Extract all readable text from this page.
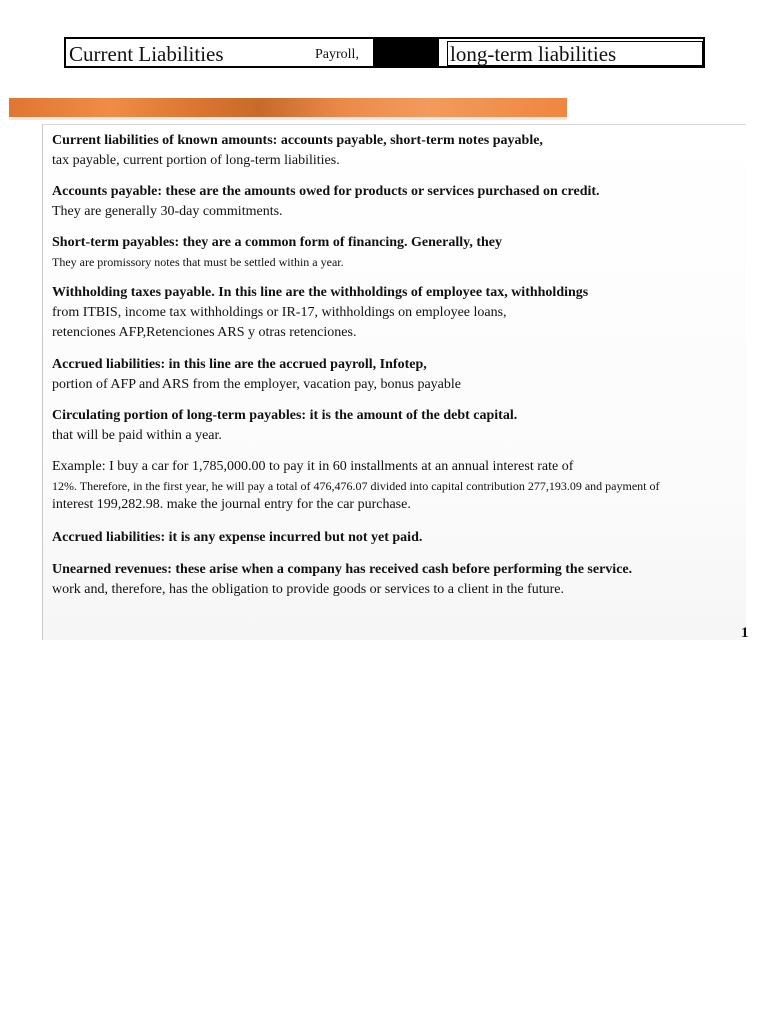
Current Liabilities	Payroll,	long-term liabilities
Current liabilities of known amounts: accounts payable, short-term notes payable,
tax payable, current portion of long-term liabilities.
Accounts payable: these are the amounts owed for products or services purchased on credit.
They are generally 30-day commitments.
Short-term payables: they are a common form of financing. Generally, they
They are promissory notes that must be settled within a year.
Withholding taxes payable. In this line are the withholdings of employee tax, withholdings
from ITBIS, income tax withholdings or IR-17, withholdings on employee loans,
retenciones AFP,Retenciones ARS y otras retenciones.
Accrued liabilities: in this line are the accrued payroll, Infotep,
portion of AFP and ARS from the employer, vacation pay, bonus payable
Circulating portion of long-term payables: it is the amount of the debt capital.
that will be paid within a year.
Example: I buy a car for 1,785,000.00 to pay it in 60 installments at an annual interest rate of
12%. Therefore, in the first year, he will pay a total of 476,476.07 divided into capital contribution 277,193.09 and payment of
interest 199,282.98. make the journal entry for the car purchase.
Accrued liabilities: it is any expense incurred but not yet paid.
Unearned revenues: these arise when a company has received cash before performing the service.
work and, therefore, has the obligation to provide goods or services to a client in the future.
1
